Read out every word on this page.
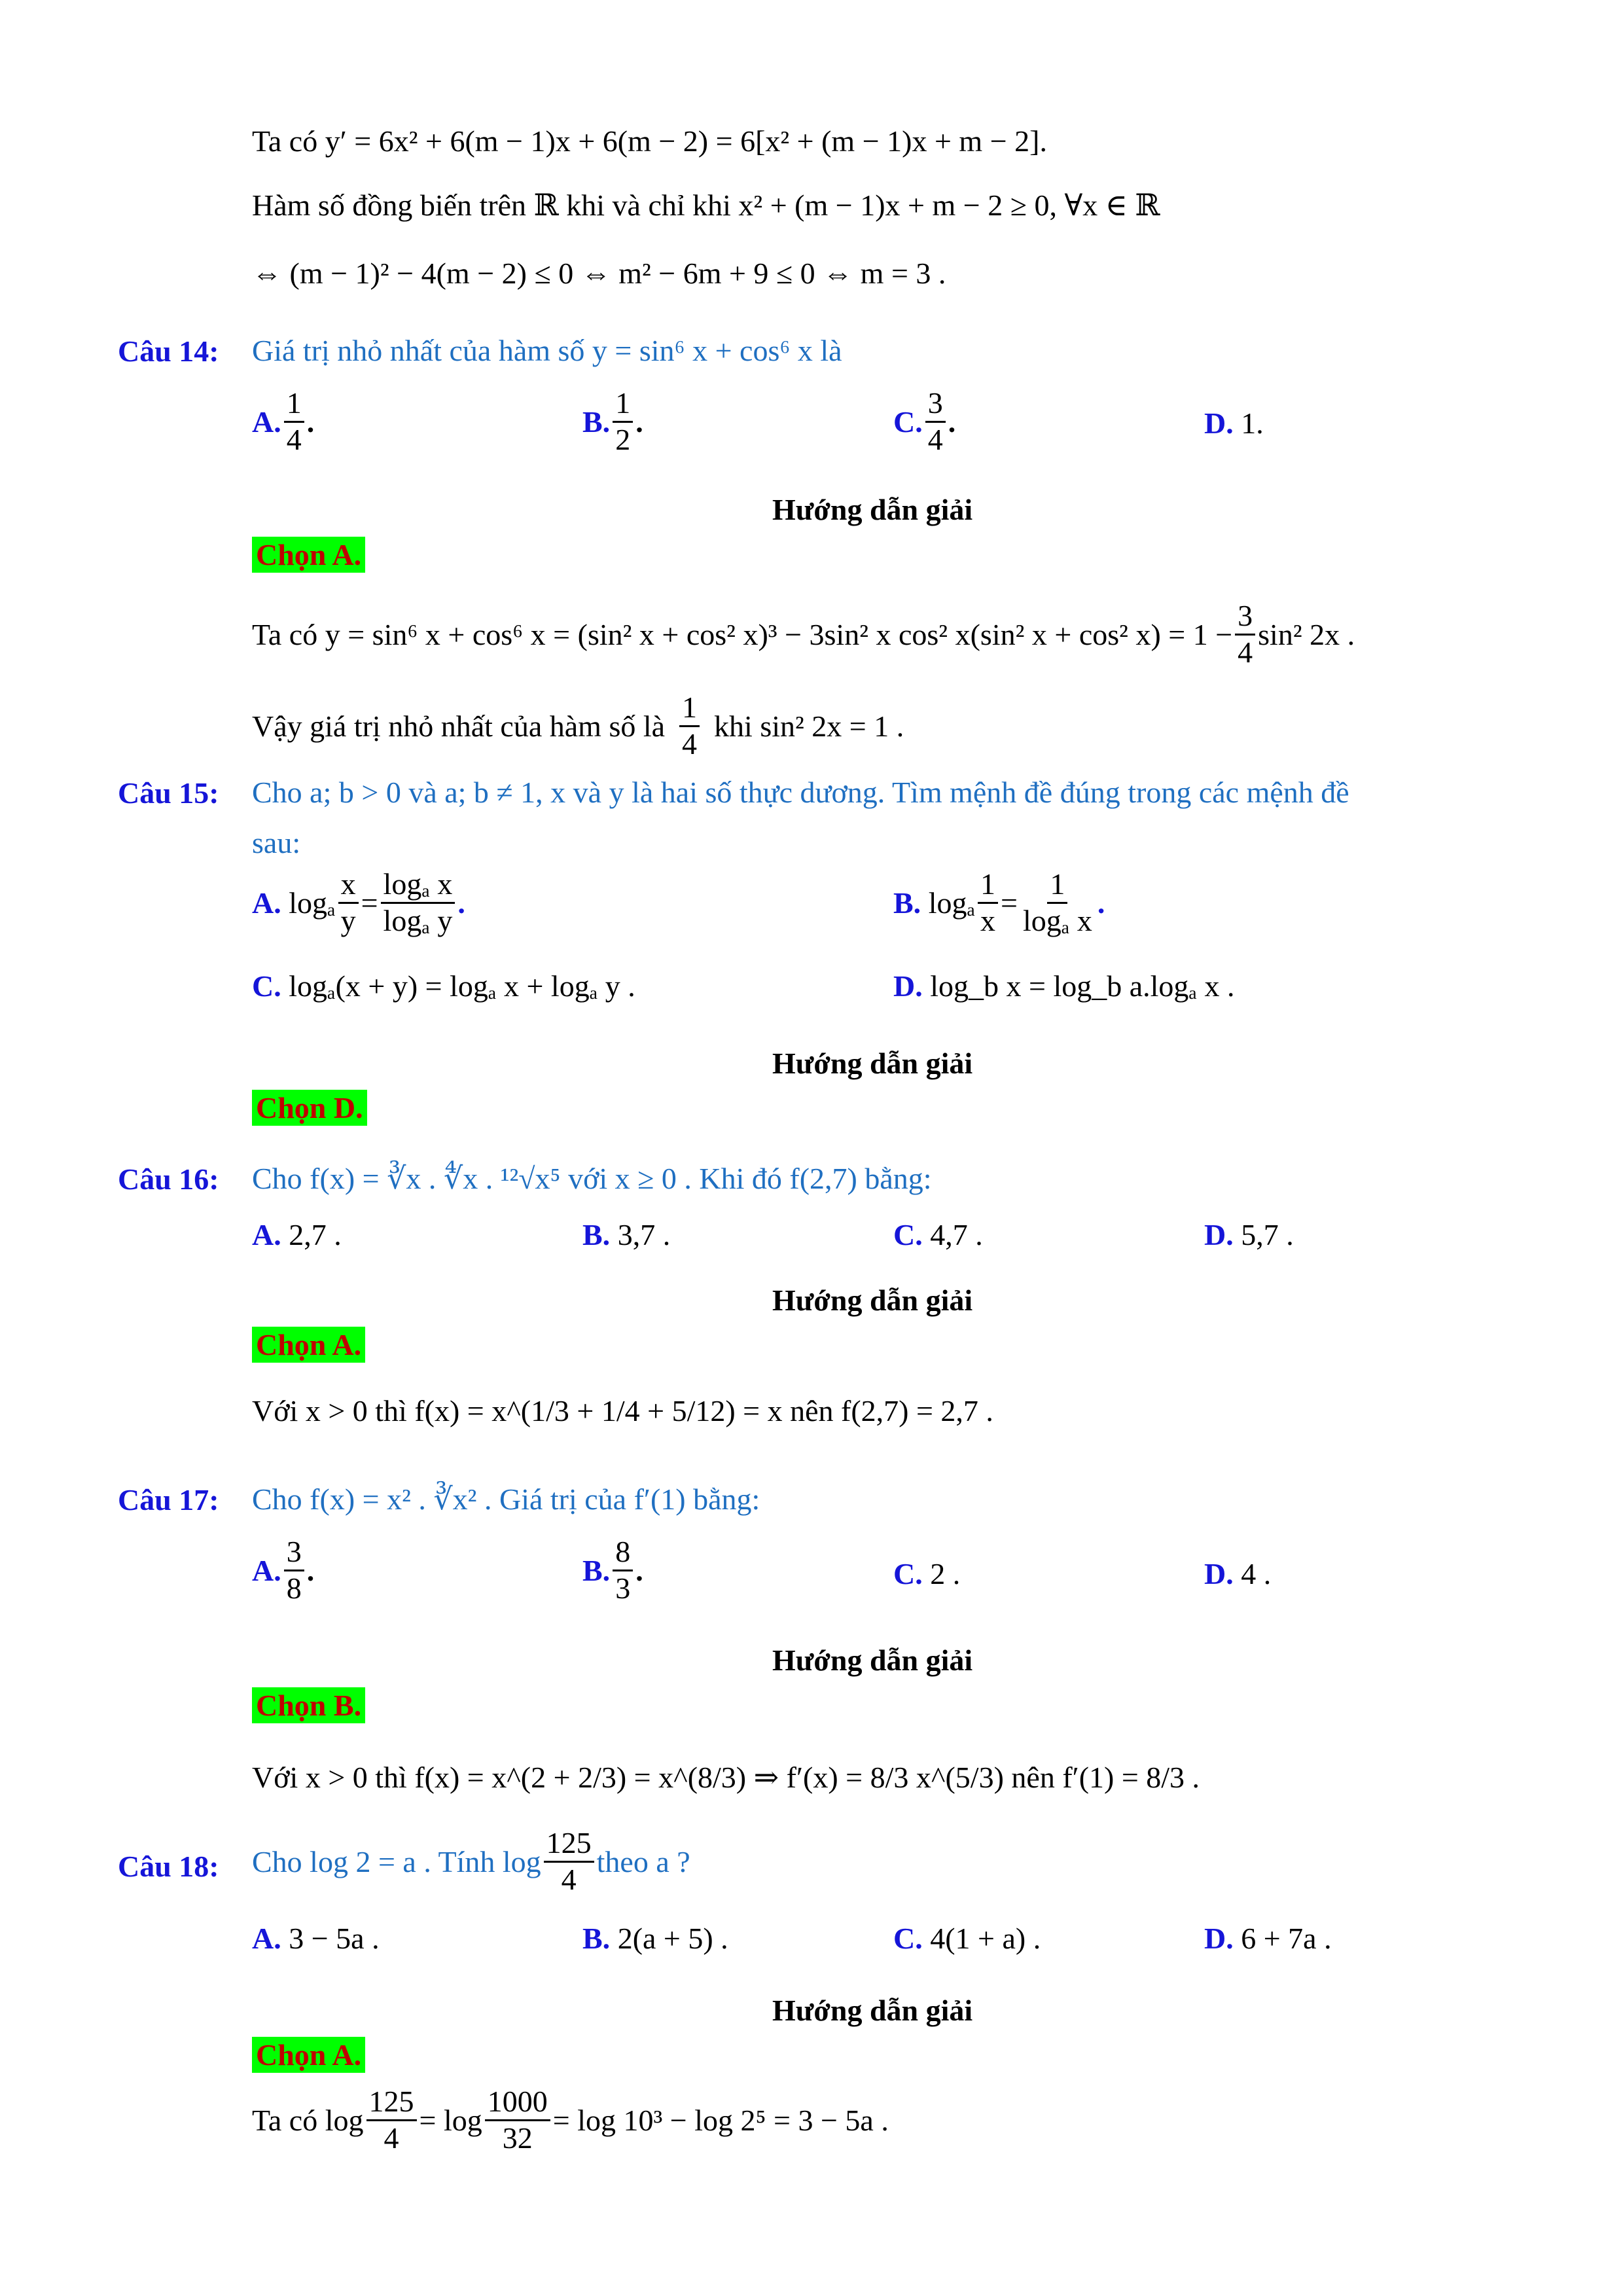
Ta có y′ = 6x² + 6(m − 1)x + 6(m − 2) = 6[x² + (m − 1)x + m − 2].
Hàm số đồng biến trên ℝ khi và chỉ khi x² + (m − 1)x + m − 2 ≥ 0, ∀x ∈ ℝ
⇔ (m − 1)² − 4(m − 2) ≤ 0 ⇔ m² − 6m + 9 ≤ 0 ⇔ m = 3 .
Câu 14: Giá trị nhỏ nhất của hàm số y = sin⁶ x + cos⁶ x là
A. $\frac{1}{4}$ .	B. $\frac{1}{2}$ .	C. $\frac{3}{4}$ .	D.
1.
Hướng dẫn giải
Chọn A.
Ta có y = sin⁶ x + cos⁶ x = (sin² x + cos² x)³ − 3sin² x cos² x(sin² x + cos² $x) = 1 - \frac{3}{4} \sin^2$ 2x .
Vậy giá trị nhỏ nhất của hàm số là $\frac{1}{4}$ khi sin² 2x = 1 .
Câu 15: Cho a; b > 0 và a; b ≠ 1, x và y là hai số thực dương. Tìm mệnh đề đúng trong các mệnh đề
sau:
A.
logₐ $\frac{x}{y} = \frac{\text{logₐ x}}{\text{logₐ y}}$ .	B.
logₐ $\frac{1}{x} = \frac{1}{\text{logₐ x}}$ .
C.
logₐ(x + y) = logₐ x + logₐ y .	D.
log_b x = log_b a.logₐ x .
Hướng dẫn giải
Chọn D.
Câu 16: Cho f(x) = ∛x . ∜x . ¹²√x⁵ với x ≥ 0 . Khi đó f(2,7) bằng:
A.
2,7 .	B.
3,7 .	C.
4,7 .	D.
5,7 .
Hướng dẫn giải
Chọn A.
Với x > 0 thì f(x) = x^(1/3 + 1/4 + 5/12) = x nên f(2,7) = 2,7 .
Câu 17: Cho f(x) = x² . ∛x² . Giá trị của f′(1) bằng:
A. $\frac{3}{8}$ .	B. $\frac{8}{3}$ .	C.
2 .	D.
4 .
Hướng dẫn giải
Chọn B.
Với x > 0 thì f(x) = x^(2 + 2/3) = x^(8/3) ⇒ f′(x) = 8/3 x^(5/3) nên f′(1) = 8/3 .
Câu 18: Cho log 2 = a . Tính $\log \frac{125}{4}$ theo a ?
A.
3 − 5a .	B.
2(a + 5) .	C.
4(1 + a) .	D.
6 + 7a .
Hướng dẫn giải
Chọn A.
Ta có $\log \frac{125}{4} = \log \frac{1000}{32} = \log 10^3 - \log 2^5 = 3 - 5a$ .
